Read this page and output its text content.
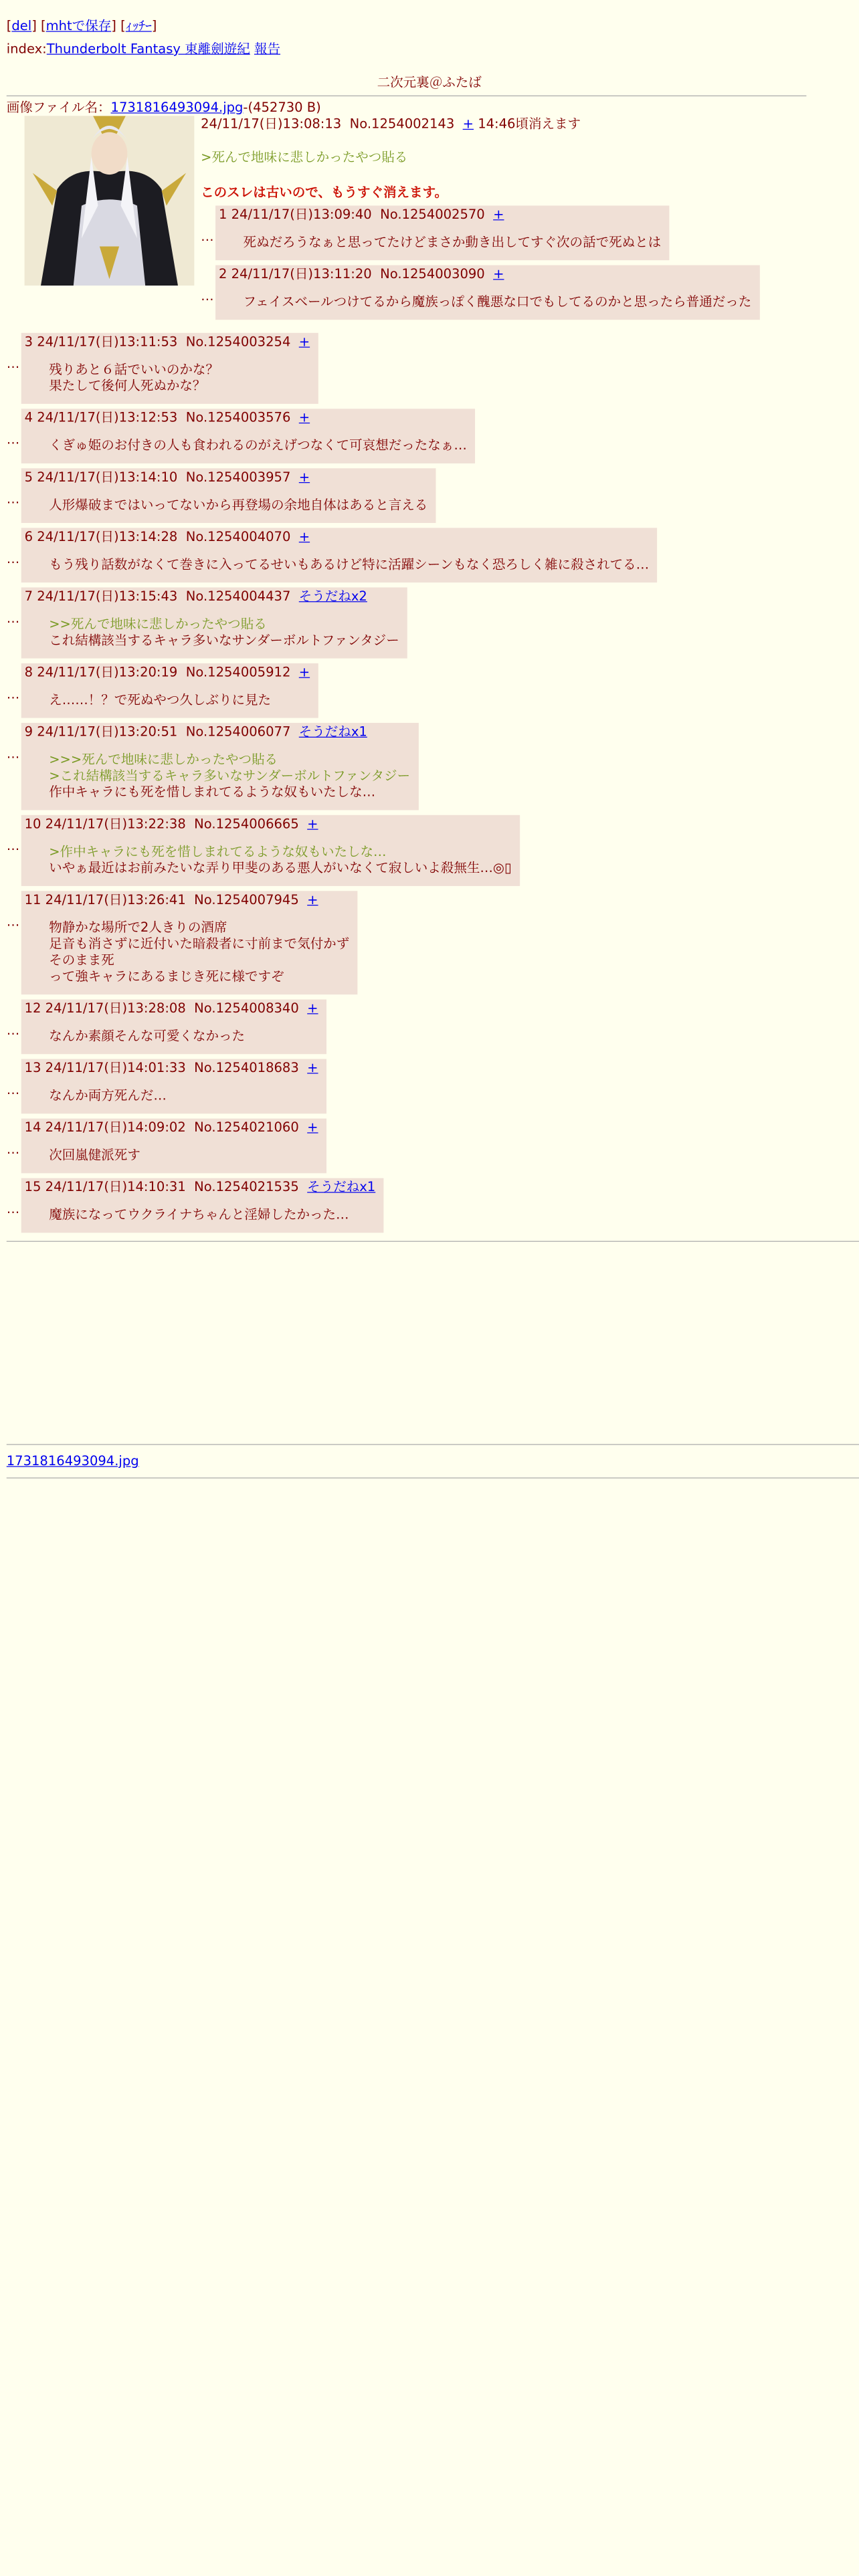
[del] [mhtで保存] [ｨｯﾁｰ]
index:Thunderbolt Fantasy 東離劍遊紀 報告
二次元裏＠ふたば
画像ファイル名：1731816493094.jpg-(452730 B)
24/11/17(日)13:08:13 No.1254002143 + 14:46頃消えます
>死んで地味に悲しかったやつ貼る
このスレは古いので、もうすぐ消えます。
…
1 24/11/17(日)13:09:40 No.1254002570 +
死ぬだろうなぁと思ってたけどまさか動き出してすぐ次の話で死ぬとは
…
2 24/11/17(日)13:11:20 No.1254003090 +
フェイスベールつけてるから魔族っぽく醜悪な口でもしてるのかと思ったら普通だった
…
3 24/11/17(日)13:11:53 No.1254003254 +
残りあと６話でいいのかな？
果たして後何人死ぬかな？
…
4 24/11/17(日)13:12:53 No.1254003576 +
くぎゅ姫のお付きの人も食われるのがえげつなくて可哀想だったなぁ…
…
5 24/11/17(日)13:14:10 No.1254003957 +
人形爆破まではいってないから再登場の余地自体はあると言える
…
6 24/11/17(日)13:14:28 No.1254004070 +
もう残り話数がなくて巻きに入ってるせいもあるけど特に活躍シーンもなく恐ろしく雑に殺されてる…
…
7 24/11/17(日)13:15:43 No.1254004437 そうだねx2
>>死んで地味に悲しかったやつ貼る
これ結構該当するキャラ多いなサンダーボルトファンタジー
…
8 24/11/17(日)13:20:19 No.1254005912 +
え……！？で死ぬやつ久しぶりに見た
…
9 24/11/17(日)13:20:51 No.1254006077 そうだねx1
>>>死んで地味に悲しかったやつ貼る
>これ結構該当するキャラ多いなサンダーボルトファンタジー
作中キャラにも死を惜しまれてるような奴もいたしな…
…
10 24/11/17(日)13:22:38 No.1254006665 +
>作中キャラにも死を惜しまれてるような奴もいたしな…
いやぁ最近はお前みたいな弄り甲斐のある悪人がいなくて寂しいよ殺無生…◎▯
…
11 24/11/17(日)13:26:41 No.1254007945 +
物静かな場所で2人きりの酒席
足音も消さずに近付いた暗殺者に寸前まで気付かず
そのまま死
って強キャラにあるまじき死に様ですぞ
…
12 24/11/17(日)13:28:08 No.1254008340 +
なんか素顔そんな可愛くなかった
…
13 24/11/17(日)14:01:33 No.1254018683 +
なんか両方死んだ…
…
14 24/11/17(日)14:09:02 No.1254021060 +
次回嵐健派死す
…
15 24/11/17(日)14:10:31 No.1254021535 そうだねx1
魔族になってウクライナちゃんと淫婦したかった…
1731816493094.jpg
